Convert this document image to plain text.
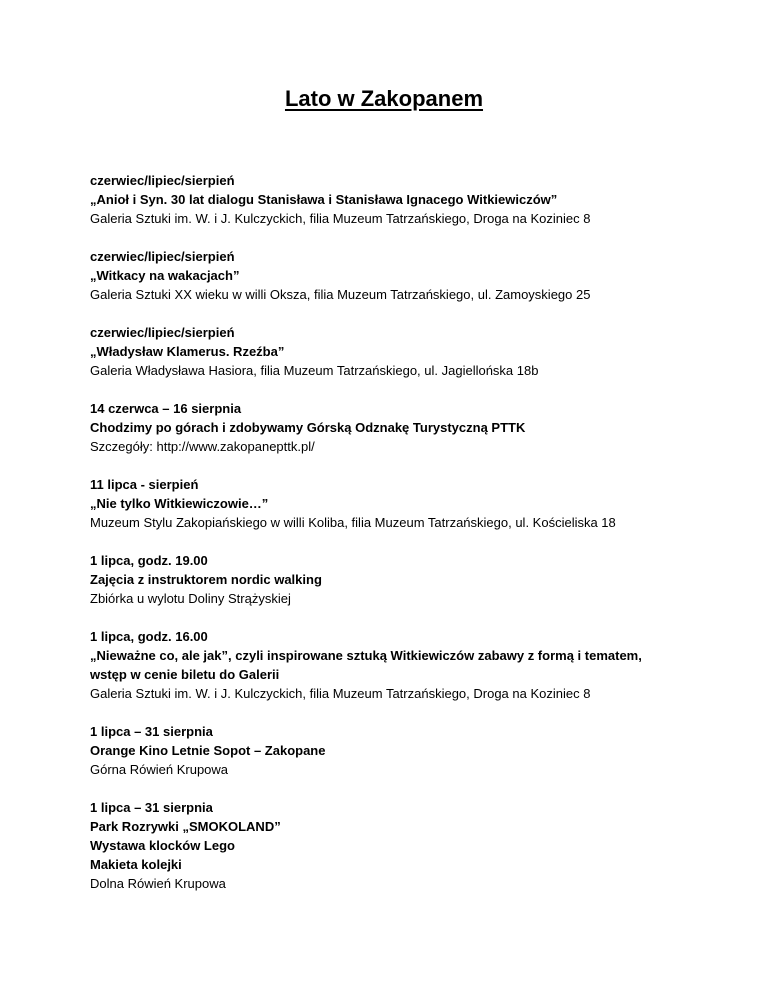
Lato w Zakopanem
czerwiec/lipiec/sierpień
„Anioł i Syn. 30 lat dialogu Stanisława i Stanisława Ignacego Witkiewiczów”
Galeria Sztuki im. W. i J. Kulczyckich, filia Muzeum Tatrzańskiego, Droga na Koziniec 8
czerwiec/lipiec/sierpień
„Witkacy na wakacjach”
Galeria Sztuki XX wieku w willi Oksza, filia Muzeum Tatrzańskiego, ul. Zamoyskiego 25
czerwiec/lipiec/sierpień
„Władysław Klamerus. Rzeźba”
Galeria Władysława Hasiora, filia Muzeum Tatrzańskiego, ul. Jagiellońska 18b
14 czerwca – 16 sierpnia
Chodzimy po górach i zdobywamy Górską Odznakę Turystyczną PTTK
Szczegóły: http://www.zakopanepttk.pl/
11 lipca - sierpień
„Nie tylko Witkiewiczowie…”
Muzeum Stylu Zakopiańskiego w willi Koliba, filia Muzeum Tatrzańskiego, ul. Kościeliska 18
1 lipca, godz. 19.00
Zajęcia z instruktorem nordic walking
Zbiórka u wylotu Doliny Strążyskiej
1 lipca, godz. 16.00
„Nieważne co, ale jak”, czyli inspirowane sztuką Witkiewiczów zabawy z formą i tematem,
wstęp w cenie biletu do Galerii
Galeria Sztuki im. W. i J. Kulczyckich, filia Muzeum Tatrzańskiego, Droga na Koziniec 8
1 lipca – 31 sierpnia
Orange Kino Letnie Sopot – Zakopane
Górna Rówień Krupowa
1 lipca – 31 sierpnia
Park Rozrywki „SMOKOLAND”
Wystawa klocków Lego
Makieta kolejki
Dolna Rówień Krupowa
